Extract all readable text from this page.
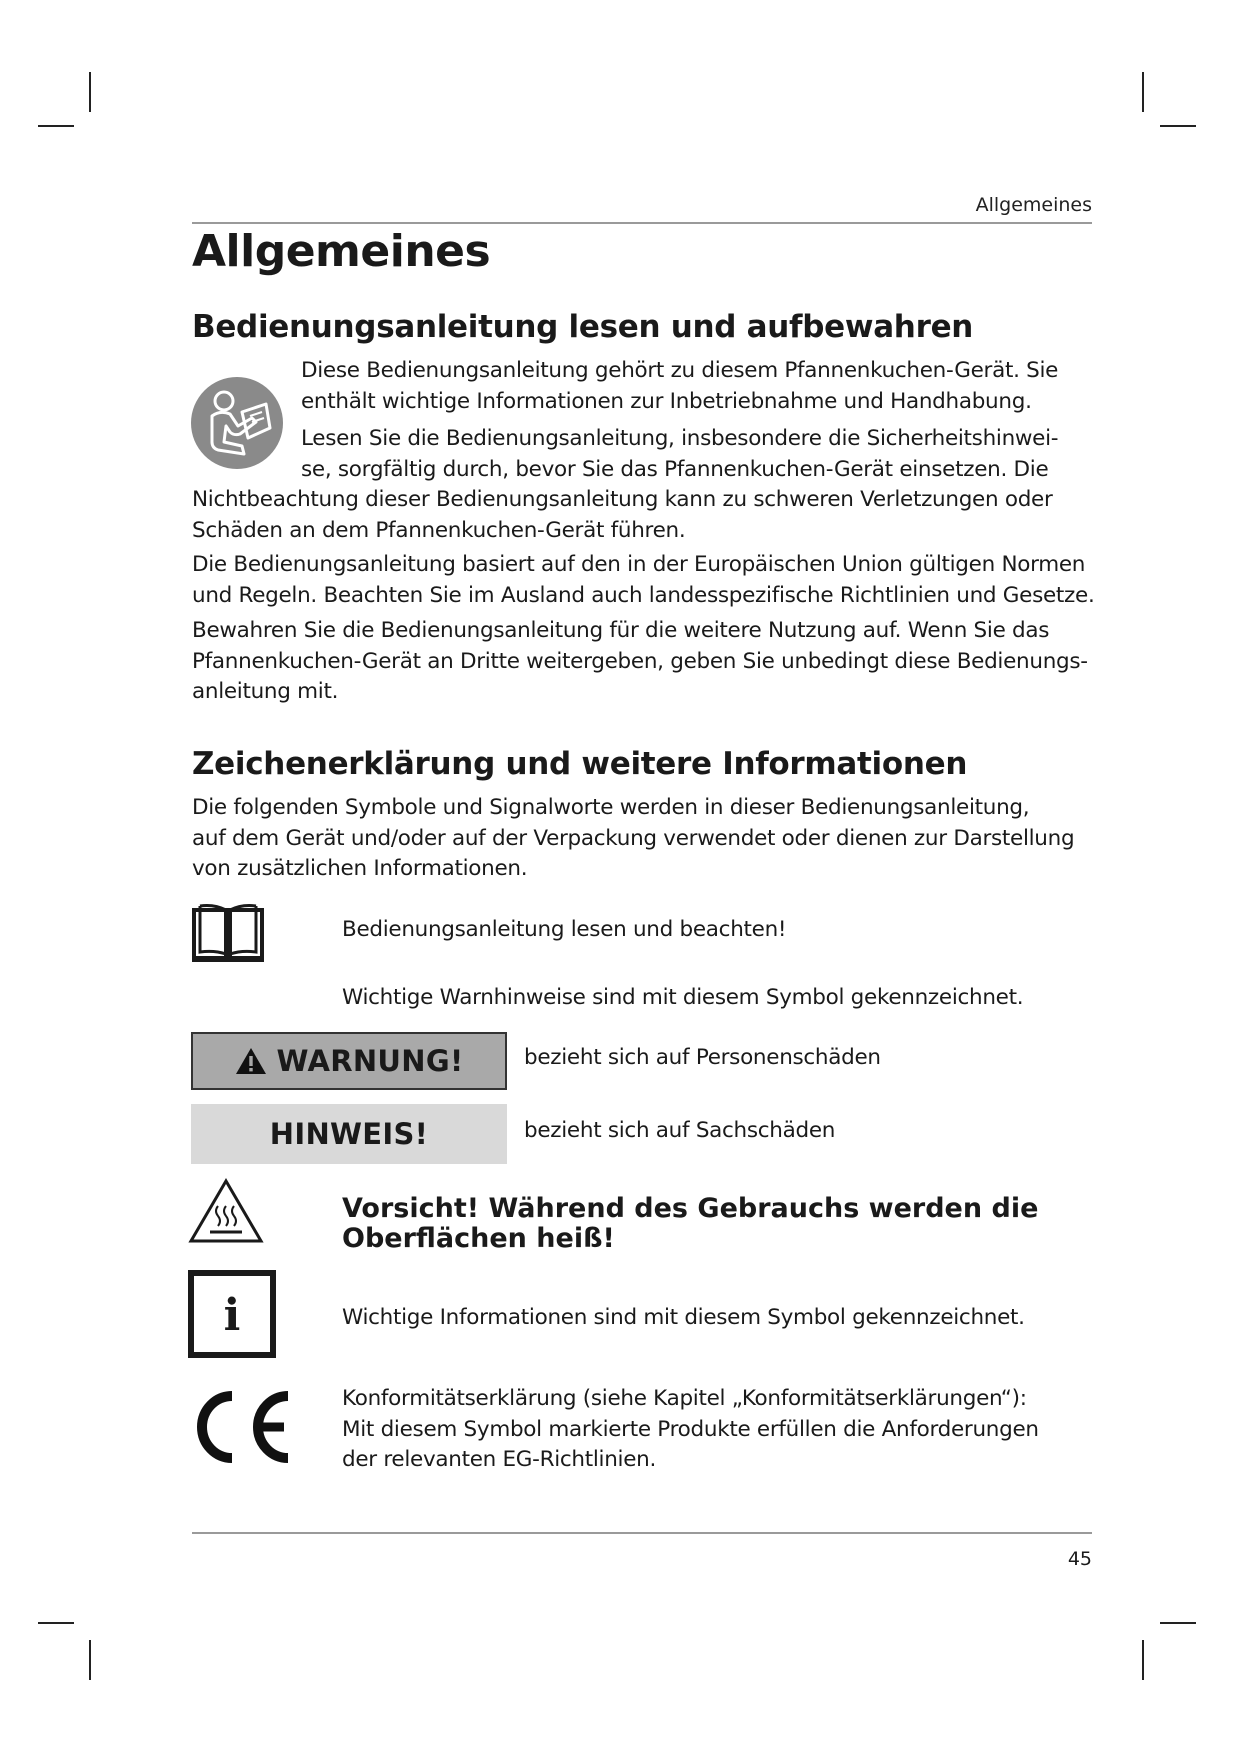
Allgemeines
Allgemeines
Bedienungsanleitung lesen und aufbewahren

Diese Bedienungsanleitung gehört zu diesem Pfannenkuchen-Gerät. Sie
enthält wichtige Informationen zur Inbetriebnahme und Handhabung.

Lesen Sie die Bedienungsanleitung, insbesondere die Sicherheitshinwei-
se, sorgfältig durch, bevor Sie das Pfannenkuchen-Gerät einsetzen. Die

Nichtbeachtung dieser Bedienungsanleitung kann zu schweren Verletzungen oder
Schäden an dem Pfannenkuchen-Gerät führen.

Die Bedienungsanleitung basiert auf den in der Europäischen Union gültigen Normen
und Regeln. Beachten Sie im Ausland auch landesspezifische Richtlinien und Gesetze.

Bewahren Sie die Bedienungsanleitung für die weitere Nutzung auf. Wenn Sie das
Pfannenkuchen-Gerät an Dritte weitergeben, geben Sie unbedingt diese Bedienungs-
anleitung mit.

Zeichenerklärung und weitere Informationen

Die folgenden Symbole und Signalworte werden in dieser Bedienungsanleitung,
auf dem Gerät und/oder auf der Verpackung verwendet oder dienen zur Darstellung
von zusätzlichen Informationen.

Bedienungsanleitung lesen und beachten!

Wichtige Warnhinweise sind mit diesem Symbol gekennzeichnet.

WARNUNG!	bezieht sich auf Personenschäden

HINWEIS!	bezieht sich auf Sachschäden

Vorsicht! Während des Gebrauchs werden die
Oberflächen heiß!

i	Wichtige Informationen sind mit diesem Symbol gekennzeichnet.

Konformitätserklärung (siehe Kapitel „Konformitätserklärungen“):
Mit diesem Symbol markierte Produkte erfüllen die Anforderungen
der relevanten EG-Richtlinien.

45
